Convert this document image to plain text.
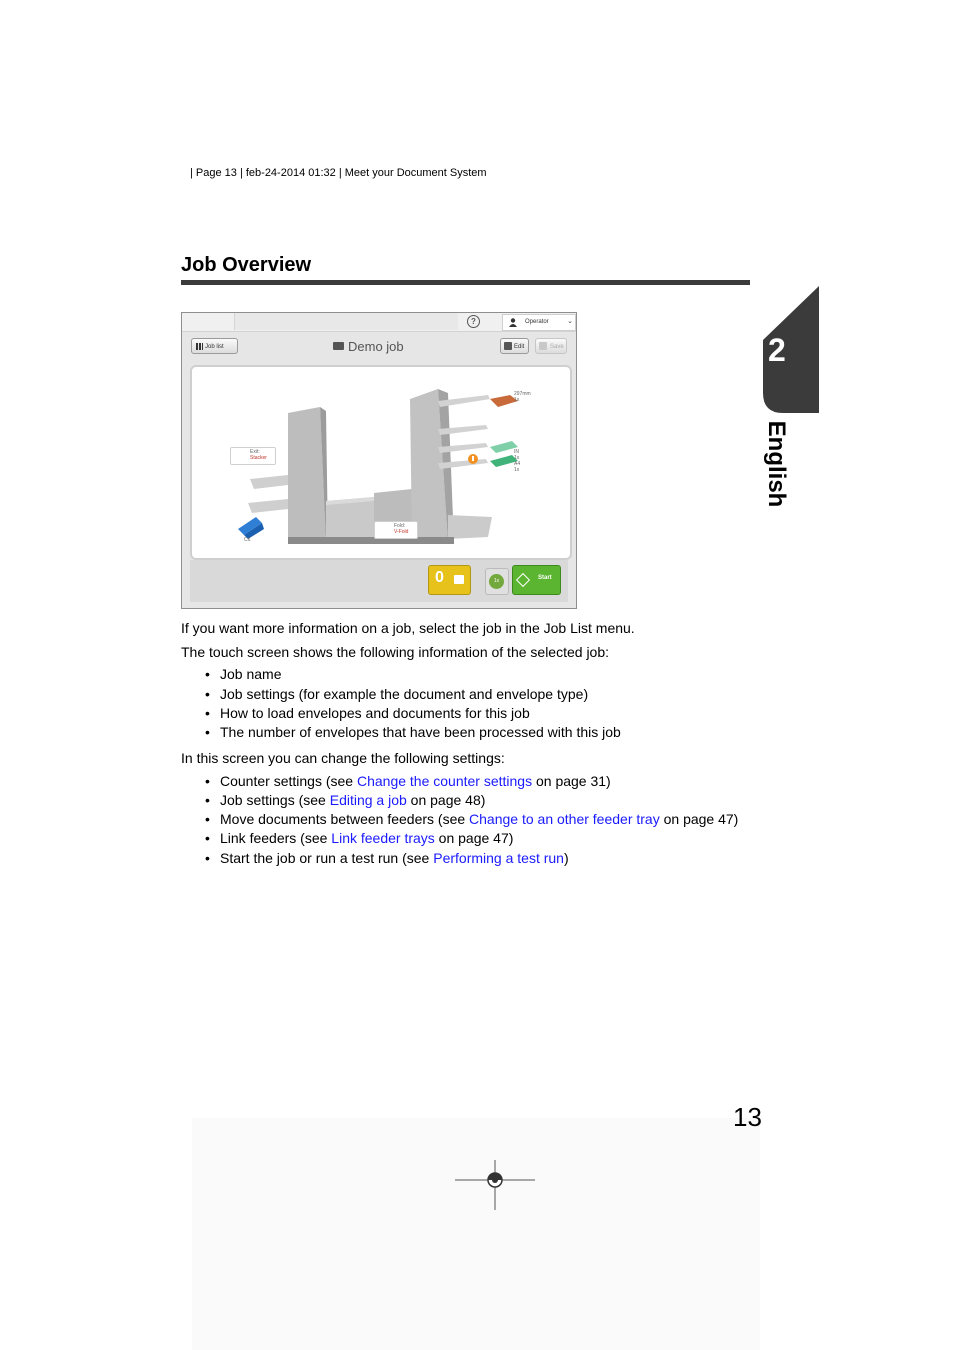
| Page 13 | feb-24-2014 01:32 | Meet your Document System
Job Overview
2
English
?	Operator	⌄
Job list	Demo job	Edit	Save
Exit:
Stacker
Fold:
V-Fold
C6
297mm
1x
IN
1x
A4
1x
0	1x	Start

If you want more information on a job, select the job in the Job List menu.

The touch screen shows the following information of the selected job:

• Job name
• Job settings (for example the document and envelope type)
• How to load envelopes and documents for this job
• The number of envelopes that have been processed with this job

In this screen you can change the following settings:

• Counter settings (see Change the counter settings on page 31)
• Job settings (see Editing a job on page 48)
• Move documents between feeders (see Change to an other feeder tray on page 47)
• Link feeders (see Link feeder trays on page 47)
• Start the job or run a test run (see Performing a test run)
13
